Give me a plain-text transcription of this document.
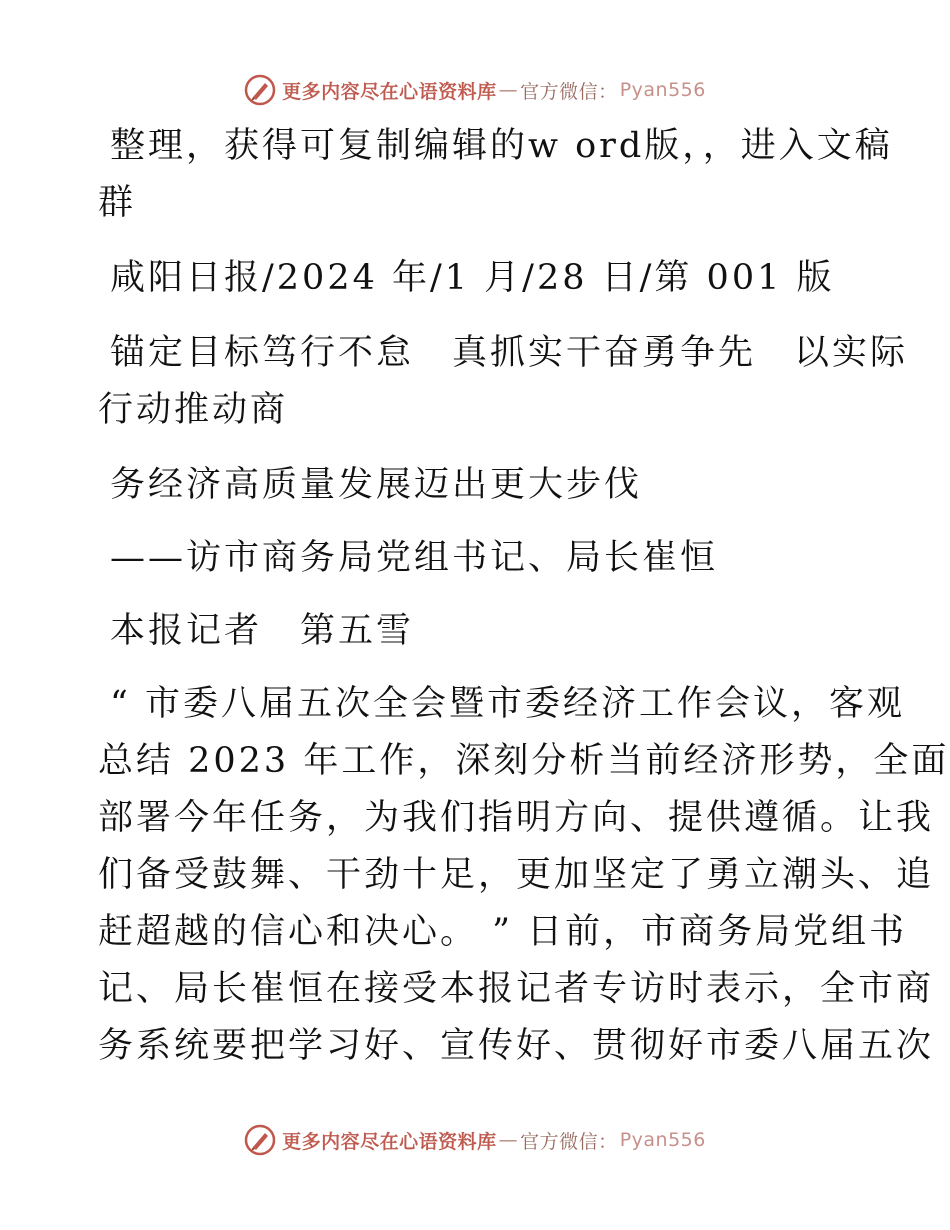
更多内容尽在心语资料库 — 官方微信： Pyan556

整理，获得可复制编辑的w ord版，，进入文稿

群

咸阳日报/2024 年/1 月/28 日/第 001 版

锚定目标笃行不怠　真抓实干奋勇争先　以实际

行动推动商

务经济高质量发展迈出更大步伐

——访市商务局党组书记、局长崔恒

本报记者　第五雪

“ 市委八届五次全会暨市委经济工作会议，客观

总结 2023 年工作，深刻分析当前经济形势，全面

部署今年任务，为我们指明方向、提供遵循。让我

们备受鼓舞、干劲十足，更加坚定了勇立潮头、追

赶超越的信心和决心。 ” 日前，市商务局党组书

记、局长崔恒在接受本报记者专访时表示，全市商

务系统要把学习好、宣传好、贯彻好市委八届五次

更多内容尽在心语资料库 — 官方微信： Pyan556
